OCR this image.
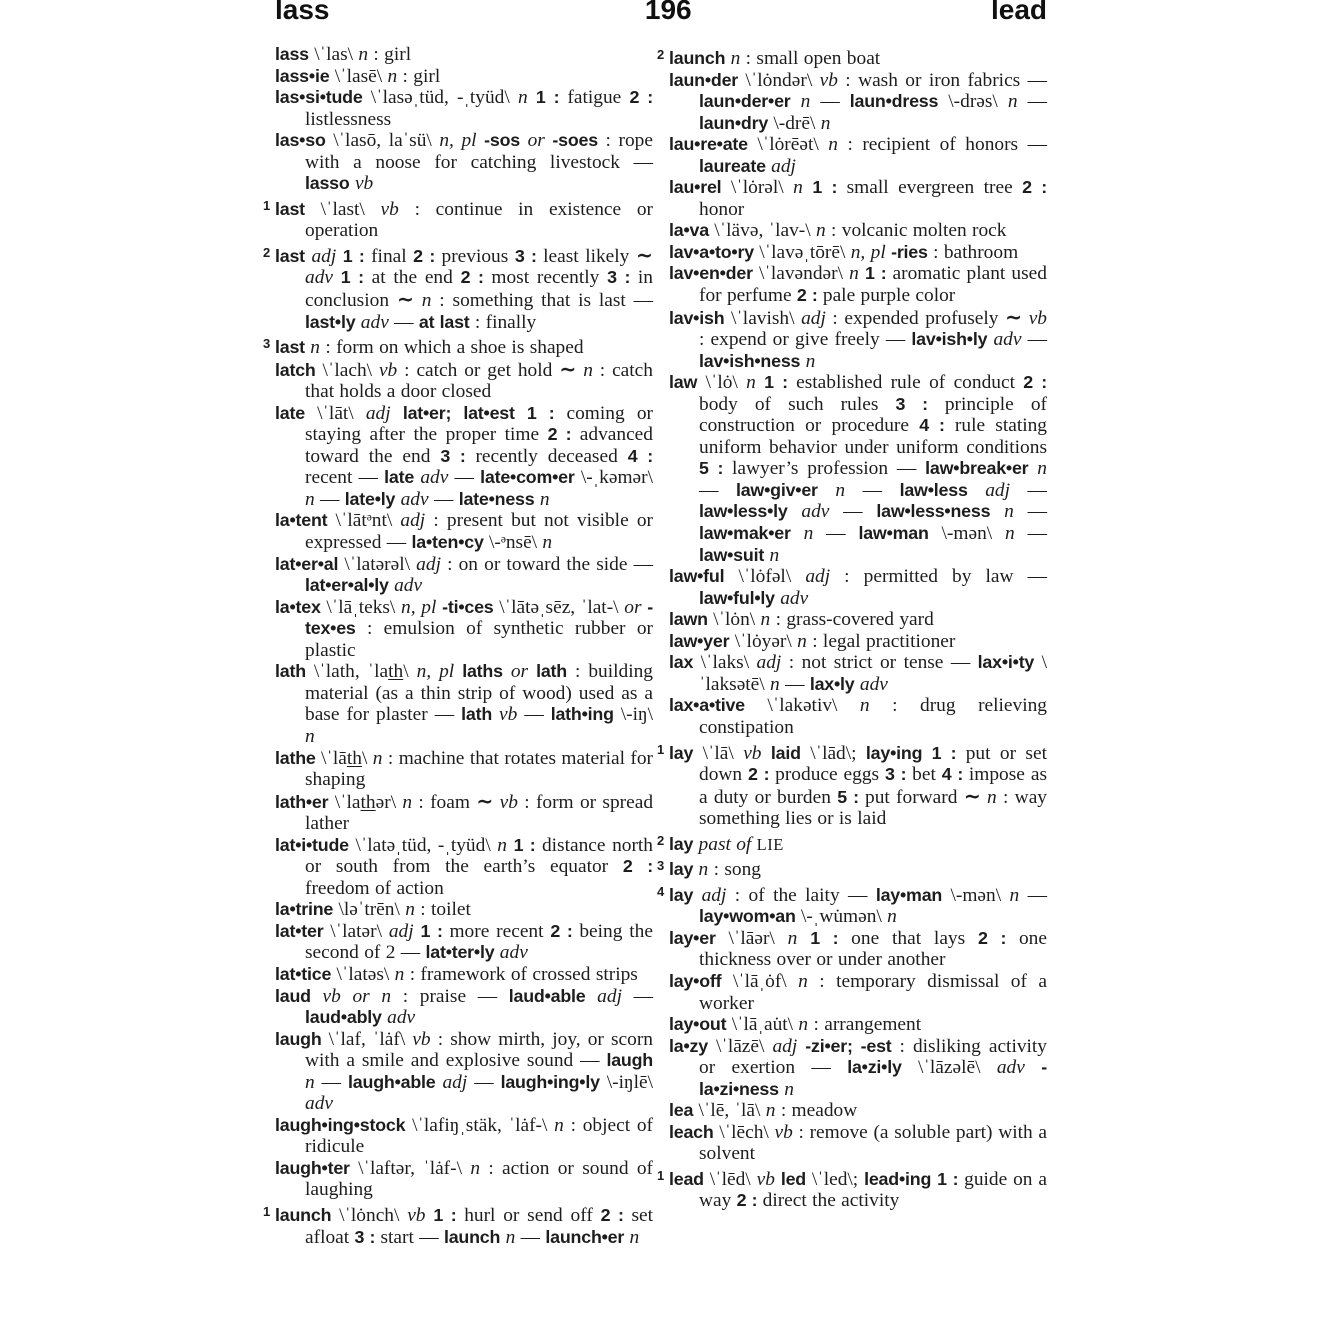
lass	196	lead

lass \ˈlas\ n : girl

lass•ie \ˈlasē\ n : girl

las•si•tude \ˈlasəˌtüd, -ˌtyüd\ n 1 : fatigue 2 : listlessness

las•so \ˈlasō, laˈsü\ n, pl -sos or -soes : rope with a noose for catching livestock — lasso vb

$^1$ last \ˈlast\ vb : continue in existence or operation

$^2$ last adj 1 : final 2 : previous 3 : least likely ∼ adv 1 : at the end 2 : most recently 3 : in conclusion ∼ n : something that is last — last•ly adv — at last : finally

$^3$ last n : form on which a shoe is shaped

latch \ˈlach\ vb : catch or get hold ∼ n : catch that holds a door closed

late \ˈlāt\ adj lat•er; lat•est 1 : coming or staying after the proper time 2 : advanced toward the end 3 : recently deceased 4 : recent — late adv — late•com•er \-ˌkəmər\ n — late•ly adv — late•ness n

la•tent \ˈlātᵊnt\ adj : present but not visible or expressed — la•ten•cy \-ᵊnsē\ n

lat•er•al \ˈlatərəl\ adj : on or toward the side — lat•er•al•ly adv

la•tex \ˈlāˌteks\ n, pl -ti•ces \ˈlātəˌsēz, ˈlat-\ or -tex•es : emulsion of synthetic rubber or plastic

lath \ˈlath, ˈlath\ n, pl laths or lath : building material (as a thin strip of wood) used as a base for plaster — lath vb — lath•ing \-iŋ\ n

lathe \ˈlāth\ n : machine that rotates material for shaping

lath•er \ˈlathər\ n : foam ∼ vb : form or spread lather

lat•i•tude \ˈlatəˌtüd, -ˌtyüd\ n 1 : distance north or south from the earth’s equator 2 : freedom of action

la•trine \ləˈtrēn\ n : toilet

lat•ter \ˈlatər\ adj 1 : more recent 2 : being the second of 2 — lat•ter•ly adv

lat•tice \ˈlatəs\ n : framework of crossed strips

laud vb or n : praise — laud•able adj — laud•ably adv

laugh \ˈlaf, ˈlȧf\ vb : show mirth, joy, or scorn with a smile and explosive sound — laugh n — laugh•able adj — laugh•ing•ly \-iŋlē\ adv

laugh•ing•stock \ˈlafiŋˌstäk, ˈlȧf-\ n : object of ridicule

laugh•ter \ˈlaftər, ˈlȧf-\ n : action or sound of laughing

$^1$ launch \ˈlȯnch\ vb 1 : hurl or send off 2 : set afloat 3 : start — launch n — launch•er n

$^2$ launch n : small open boat

laun•der \ˈlȯndər\ vb : wash or iron fabrics — laun•der•er n — laun•dress \-drəs\ n — laun•dry \-drē\ n

lau•re•ate \ˈlȯrēət\ n : recipient of honors — laureate adj

lau•rel \ˈlȯrəl\ n 1 : small evergreen tree 2 : honor

la•va \ˈlävə, ˈlav-\ n : volcanic molten rock

lav•a•to•ry \ˈlavəˌtōrē\ n, pl -ries : bathroom

lav•en•der \ˈlavəndər\ n 1 : aromatic plant used for perfume 2 : pale purple color

lav•ish \ˈlavish\ adj : expended profusely ∼ vb : expend or give freely — lav•ish•ly adv — lav•ish•ness n

law \ˈlȯ\ n 1 : established rule of conduct 2 : body of such rules 3 : principle of construction or procedure 4 : rule stating uniform behavior under uniform conditions 5 : lawyer’s profession — law•break•er n — law•giv•er n — law•less adj — law•less•ly adv — law•less•ness n — law•mak•er n — law•man \-mən\ n — law•suit n

law•ful \ˈlȯfəl\ adj : permitted by law — law•ful•ly adv

lawn \ˈlȯn\ n : grass-covered yard

law•yer \ˈlȯyər\ n : legal practitioner

lax \ˈlaks\ adj : not strict or tense — lax•i•ty \ˈlaksətē\ n — lax•ly adv

lax•a•tive \ˈlakətiv\ n : drug relieving constipation

$^1$ lay \ˈlā\ vb laid \ˈlād\; lay•ing 1 : put or set down 2 : produce eggs 3 : bet 4 : impose as a duty or burden 5 : put forward ∼ n : way something lies or is laid

$^2$ lay past of LIE

$^3$ lay n : song

$^4$ lay adj : of the laity — lay•man \-mən\ n — lay•wom•an \-ˌwu̇mən\ n

lay•er \ˈlāər\ n 1 : one that lays 2 : one thickness over or under another

lay•off \ˈlāˌȯf\ n : temporary dismissal of a worker

lay•out \ˈlāˌau̇t\ n : arrangement

la•zy \ˈlāzē\ adj -zi•er; -est : disliking activity or exertion — la•zi•ly \ˈlāzəlē\ adv -la•zi•ness n

lea \ˈlē, ˈlā\ n : meadow

leach \ˈlēch\ vb : remove (a soluble part) with a solvent

$^1$ lead \ˈlēd\ vb led \ˈled\; lead•ing 1 : guide on a way 2 : direct the activity
